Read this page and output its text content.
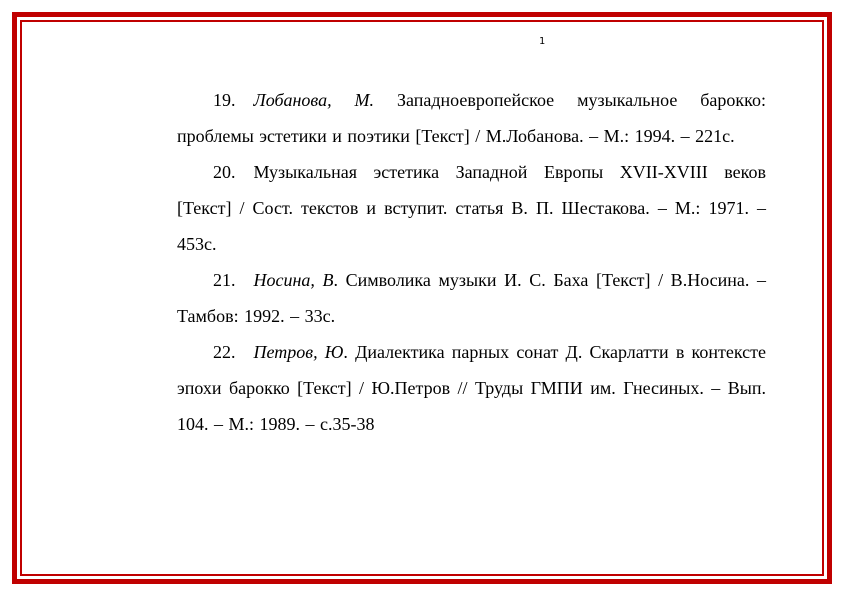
1

19. Лобанова, М. Западноевропейское музыкальное барокко: проблемы эстетики и поэтики [Текст] / М.Лобанова. – М.: 1994. – 221с.

20. Музыкальная эстетика Западной Европы XVII-XVIII веков [Текст] / Сост. текстов и вступит. статья В. П. Шестакова. – М.: 1971. – 453с.

21. Носина, В. Символика музыки И. С. Баха [Текст] / В.Носина. – Тамбов: 1992. – 33с.

22. Петров, Ю. Диалектика парных сонат Д. Скарлатти в контексте эпохи барокко [Текст] / Ю.Петров // Труды ГМПИ им. Гнесиных. – Вып. 104. – М.: 1989. – с.35-38
